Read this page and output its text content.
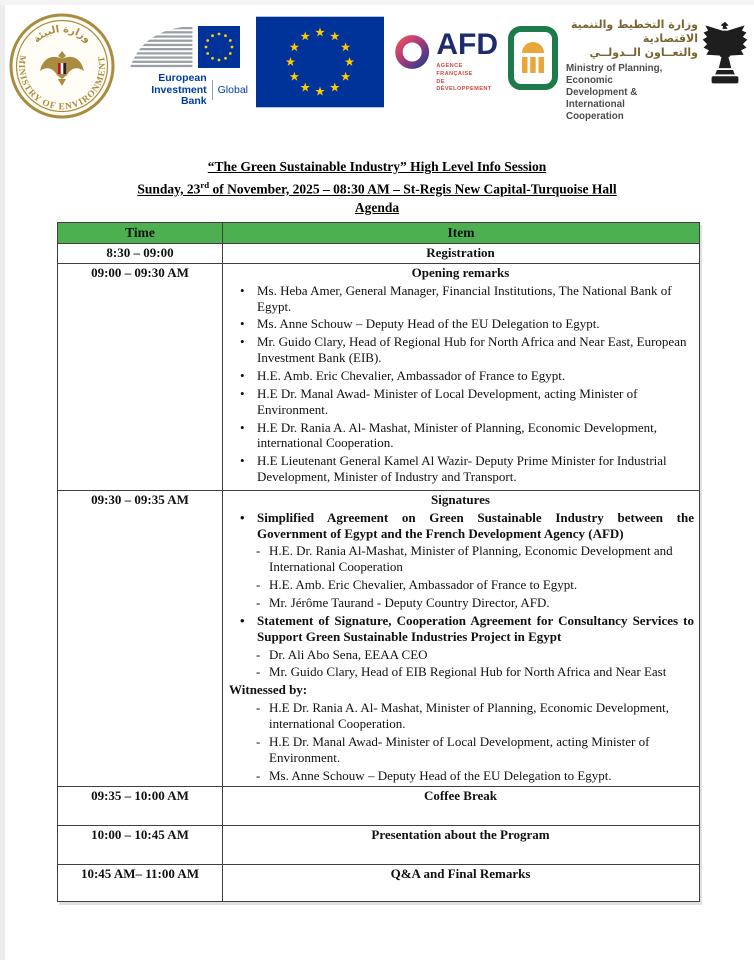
وزارة البيئة
MINISTRY OF ENVIRONMENT
European
Investment Bank
Global
AFD
AGENCE FRANÇAISE
DE DÉVELOPPEMENT
وزارة التخطيط والتنمية الاقتصادية
والتعــاون الــدولــي
Ministry of Planning, Economic
Development & International
Cooperation
“The Green Sustainable Industry” High Level Info Session
Sunday, 23rd of November, 2025 – 08:30 AM – St-Regis New Capital-Turquoise Hall
Agenda
Time	Item
8:30 – 09:00	Registration

09:00 – 09:30 AM	Opening remarks
• Ms. Heba Amer, General Manager, Financial Institutions, The National Bank of Egypt.
• Ms. Anne Schouw – Deputy Head of the EU Delegation to Egypt.
• Mr. Guido Clary, Head of Regional Hub for North Africa and Near East, European Investment Bank (EIB).
• H.E. Amb. Eric Chevalier, Ambassador of France to Egypt.
• H.E Dr. Manal Awad- Minister of Local Development, acting Minister of Environment.
• H.E Dr. Rania A. Al- Mashat, Minister of Planning, Economic Development, international Cooperation.
• H.E Lieutenant General Kamel Al Wazir- Deputy Prime Minister for Industrial Development, Minister of Industry and Transport.

09:30 – 09:35 AM	Signatures
• Simplified Agreement on Green Sustainable Industry between the Government of Egypt and the French Development Agency (AFD)
- H.E. Dr. Rania Al-Mashat, Minister of Planning, Economic Development and International Cooperation
- H.E. Amb. Eric Chevalier, Ambassador of France to Egypt.
- Mr. Jérôme Taurand - Deputy Country Director, AFD.
• Statement of Signature, Cooperation Agreement for Consultancy Services to Support Green Sustainable Industries Project in Egypt
- Dr. Ali Abo Sena, EEAA CEO
- Mr. Guido Clary, Head of EIB Regional Hub for North Africa and Near East
Witnessed by:
- H.E Dr. Rania A. Al- Mashat, Minister of Planning, Economic Development, international Cooperation.
- H.E Dr. Manal Awad- Minister of Local Development, acting Minister of Environment.
- Ms. Anne Schouw – Deputy Head of the EU Delegation to Egypt.

09:35 – 10:00 AM	Coffee Break

10:00 – 10:45 AM	Presentation about the Program

10:45 AM– 11:00 AM	Q&A and Final Remarks
